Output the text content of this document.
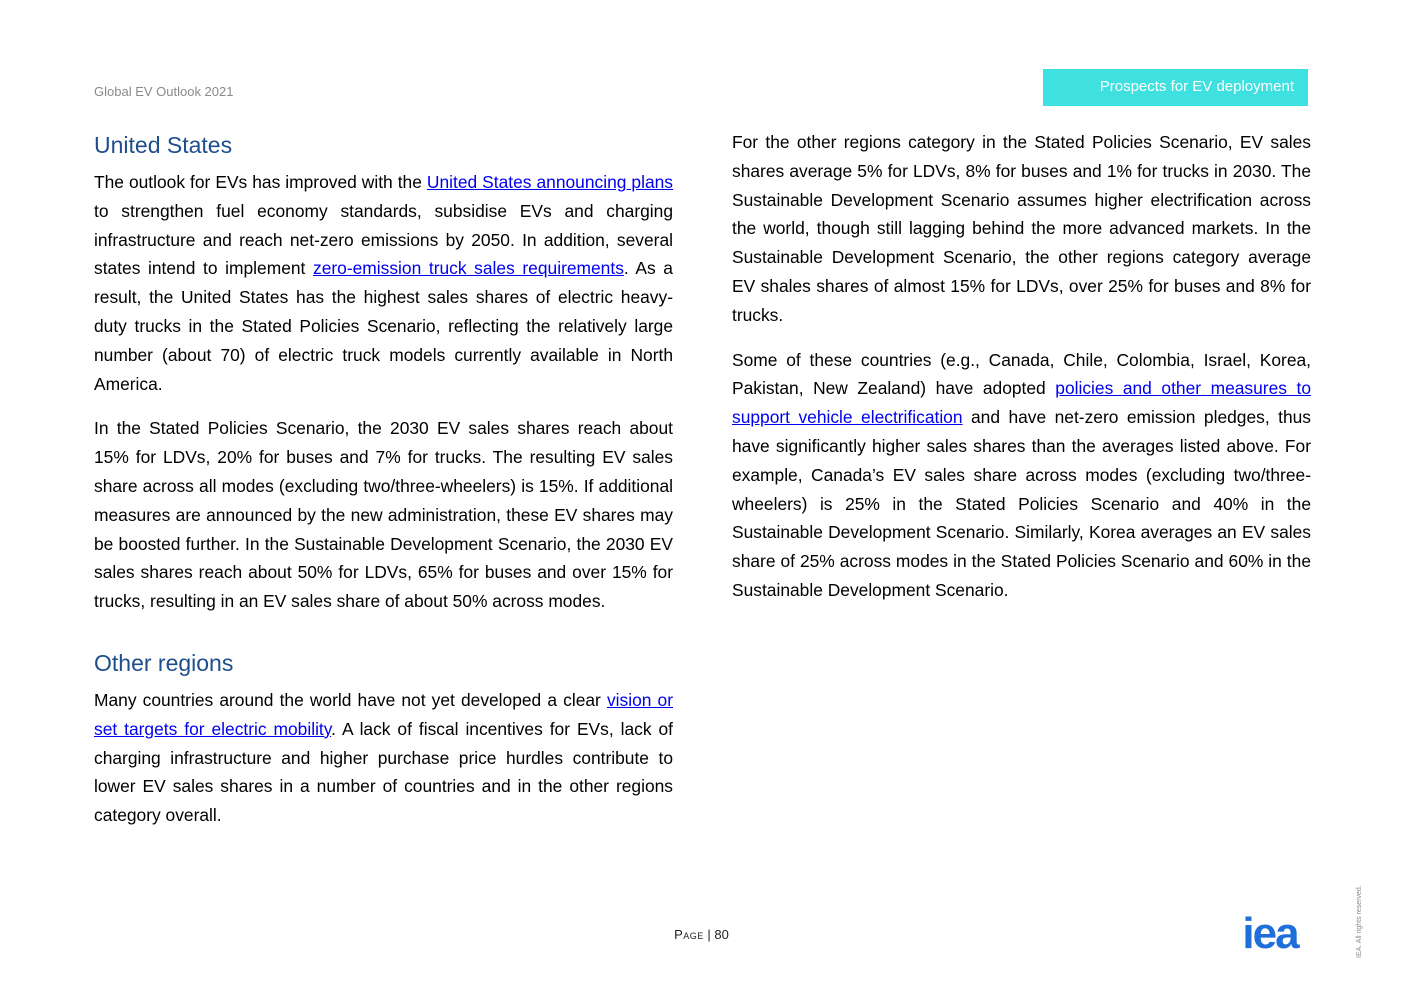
Global EV Outlook 2021	Prospects for EV deployment
United States

The outlook for EVs has improved with the United States announcing plans to strengthen fuel economy standards, subsidise EVs and charging infrastructure and reach net-zero emissions by 2050. In addition, several states intend to implement zero-emission truck sales requirements. As a result, the United States has the highest sales shares of electric heavy-duty trucks in the Stated Policies Scenario, reflecting the relatively large number (about 70) of electric truck models currently available in North America.

In the Stated Policies Scenario, the 2030 EV sales shares reach about 15% for LDVs, 20% for buses and 7% for trucks. The resulting EV sales share across all modes (excluding two/three-wheelers) is 15%. If additional measures are announced by the new administration, these EV shares may be boosted further. In the Sustainable Development Scenario, the 2030 EV sales shares reach about 50% for LDVs, 65% for buses and over 15% for trucks, resulting in an EV sales share of about 50% across modes.

Other regions

Many countries around the world have not yet developed a clear vision or set targets for electric mobility. A lack of fiscal incentives for EVs, lack of charging infrastructure and higher purchase price hurdles contribute to lower EV sales shares in a number of countries and in the other regions category overall.

For the other regions category in the Stated Policies Scenario, EV sales shares average 5% for LDVs, 8% for buses and 1% for trucks in 2030. The Sustainable Development Scenario assumes higher electrification across the world, though still lagging behind the more advanced markets. In the Sustainable Development Scenario, the other regions category average EV shales shares of almost 15% for LDVs, over 25% for buses and 8% for trucks.

Some of these countries (e.g., Canada, Chile, Colombia, Israel, Korea, Pakistan, New Zealand) have adopted policies and other measures to support vehicle electrification and have net-zero emission pledges, thus have significantly higher sales shares than the averages listed above. For example, Canada’s EV sales share across modes (excluding two/three-wheelers) is 25% in the Stated Policies Scenario and 40% in the Sustainable Development Scenario. Similarly, Korea averages an EV sales share of 25% across modes in the Stated Policies Scenario and 60% in the Sustainable Development Scenario.

Page | 80	iea	IEA. All rights reserved.
